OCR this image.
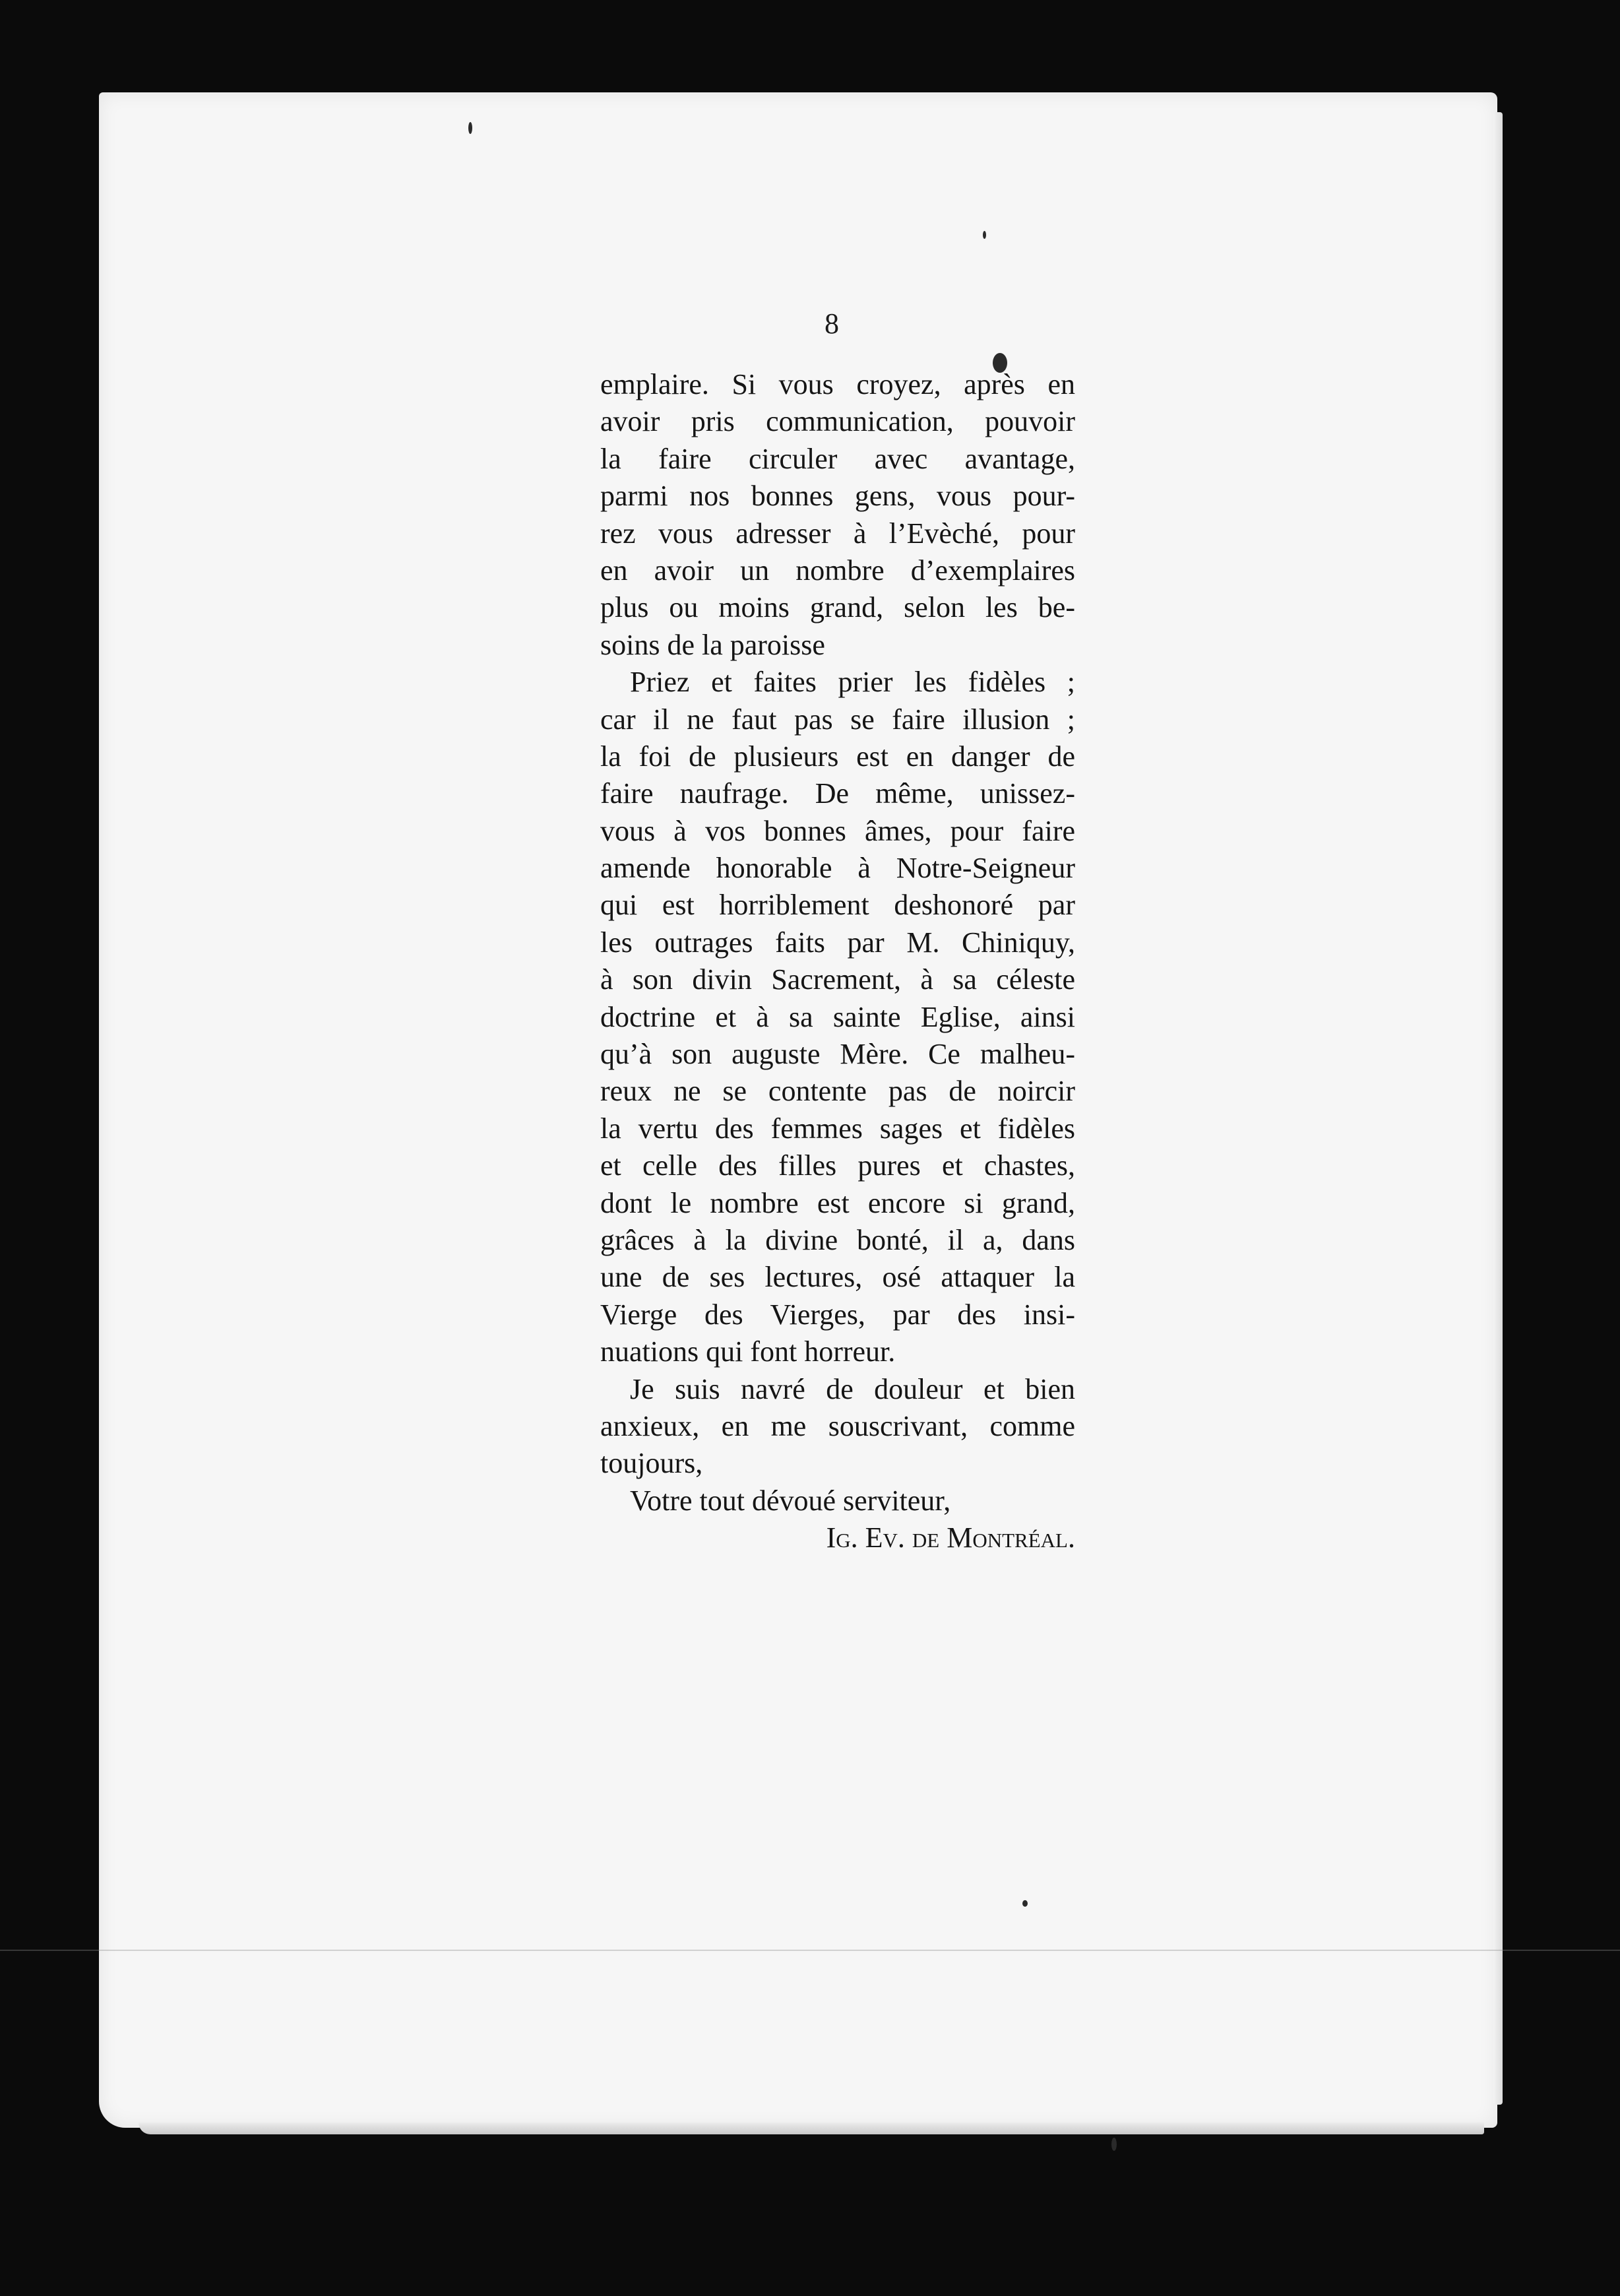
8
emplaire. Si vous croyez, après en
avoir pris communication, pouvoir
la faire circuler avec avantage,
parmi nos bonnes gens, vous pour-
rez vous adresser à l’Evèché, pour
en avoir un nombre d’exemplaires
plus ou moins grand, selon les be-
soins de la paroisse
Priez et faites prier les fidèles ;
car il ne faut pas se faire illusion ;
la foi de plusieurs est en danger de
faire naufrage. De même, unissez-
vous à vos bonnes âmes, pour faire
amende honorable à Notre-Seigneur
qui est horriblement deshonoré par
les outrages faits par M. Chiniquy,
à son divin Sacrement, à sa céleste
doctrine et à sa sainte Eglise, ainsi
qu’à son auguste Mère. Ce malheu-
reux ne se contente pas de noircir
la vertu des femmes sages et fidèles
et celle des filles pures et chastes,
dont le nombre est encore si grand,
grâces à la divine bonté, il a, dans
une de ses lectures, osé attaquer la
Vierge des Vierges, par des insi-
nuations qui font horreur.
Je suis navré de douleur et bien
anxieux, en me souscrivant, comme
toujours,
Votre tout dévoué serviteur,
Ig. Ev. de Montréal.
